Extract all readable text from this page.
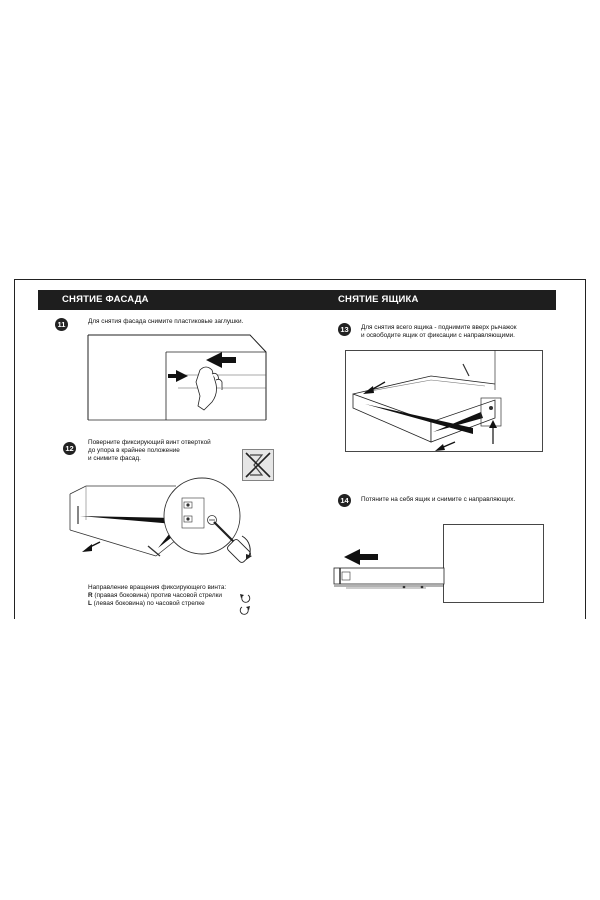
СНЯТИЕ ФАСАДА	СНЯТИЕ ЯЩИКА
11	Для снятия фасада снимите пластиковые заглушки.
12
Поверните фиксирующий винт отверткой
до упора в крайнее положение
и снимите фасад.
Направление вращения фиксирующего винта:
R (правая боковина) против часовой стрелки
L (левая боковина) по часовой стрелке
13	Для снятия всего ящика - поднимите вверх рычажок
и освободите ящик от фиксации с направляющими.
14	Потяните на себя ящик и снимите с направляющих.
